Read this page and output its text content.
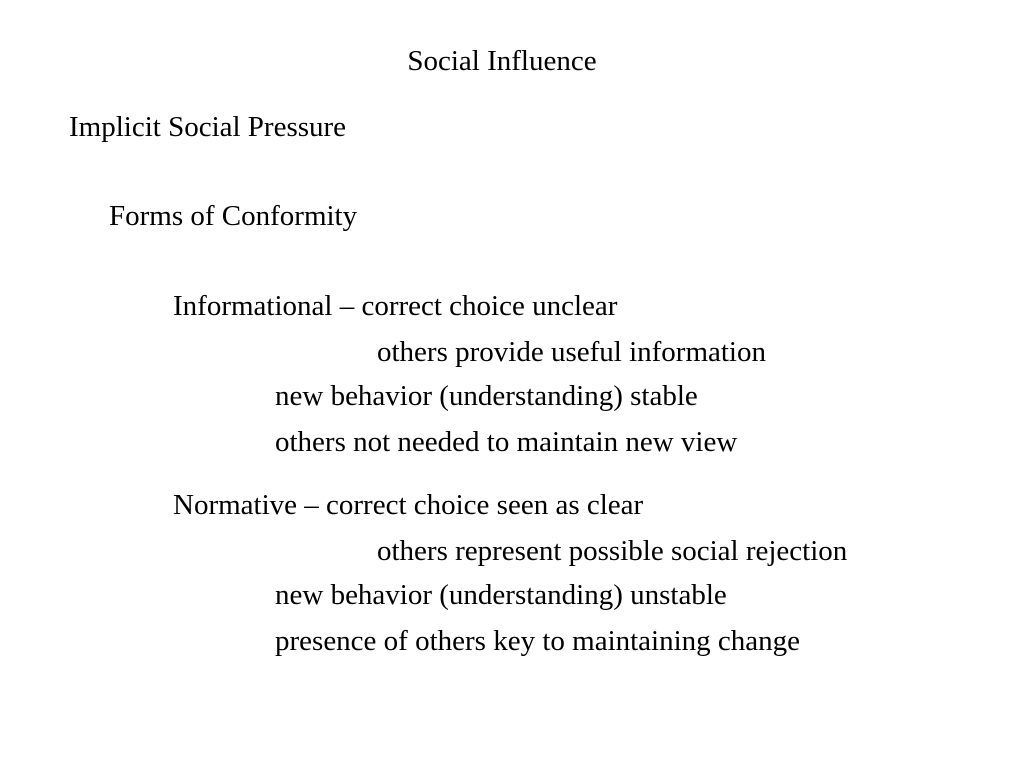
Social Influence
Implicit Social Pressure
Forms of Conformity
Informational – correct choice unclear
others provide useful information
new behavior (understanding) stable
others not needed to maintain new view
Normative – correct choice seen as clear
others represent possible social rejection
new behavior (understanding) unstable
presence of others key to maintaining change
